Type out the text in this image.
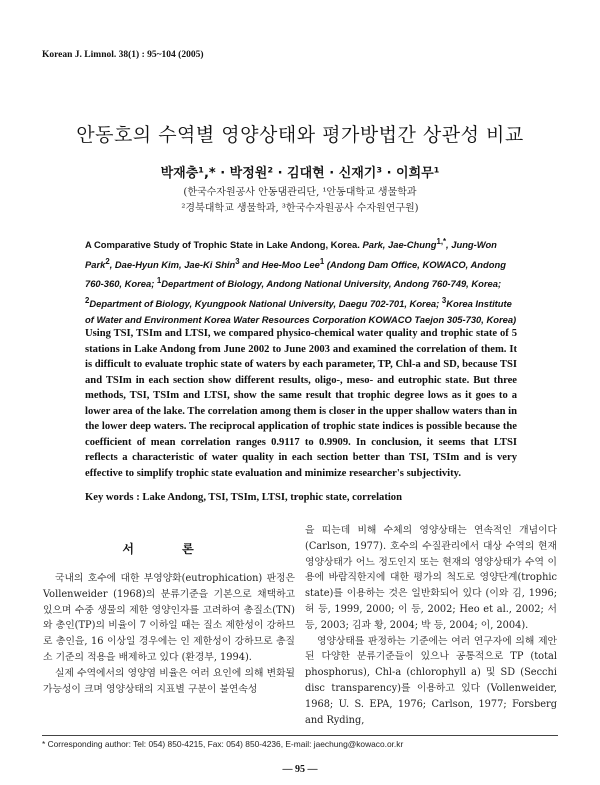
Korean J. Limnol. 38(1) : 95~104 (2005)
안동호의 수역별 영양상태와 평가방법간 상관성 비교
박재충¹,* · 박정원² · 김대현 · 신재기³ · 이희무¹
(한국수자원공사 안동댐관리단, ¹안동대학교 생물학과
²경북대학교 생물학과, ³한국수자원공사 수자원연구원)
A Comparative Study of Trophic State in Lake Andong, Korea. Park, Jae-Chung$^{1,*}$, Jung-Won Park$^2$, Dae-Hyun Kim, Jae-Ki Shin$^3$ and Hee-Moo Lee$^1$ (Andong Dam Office, KOWACO, Andong 760-360, Korea; $^1$Department of Biology, Andong National University, Andong 760-749, Korea; $^2$Department of Biology, Kyungpook National University, Daegu 702-701, Korea; $^3$Korea Institute of Water and Environment Korea Water Resources Corporation KOWACO Taejon 305-730, Korea)
Using TSI, TSIm and LTSI, we compared physico-chemical water quality and trophic state of 5 stations in Lake Andong from June 2002 to June 2003 and examined the correlation of them. It is difficult to evaluate trophic state of waters by each parameter, TP, Chl-a and SD, because TSI and TSIm in each section show different results, oligo-, meso- and eutrophic state. But three methods, TSI, TSIm and LTSI, show the same result that trophic degree lows as it goes to a lower area of the lake. The correlation among them is closer in the upper shallow waters than in the lower deep waters. The reciprocal application of trophic state indices is possible because the coefficient of mean correlation ranges 0.9117 to 0.9909. In conclusion, it seems that LTSI reflects a characteristic of water quality in each section better than TSI, TSIm and is very effective to simplify trophic state evaluation and minimize researcher's subjectivity.
Key words : Lake Andong, TSI, TSIm, LTSI, trophic state, correlation
서 론

국내의 호수에 대한 부영양화(eutrophication) 판정은 Vollenweider (1968)의 분류기준을 기본으로 채택하고 있으며 수중 생물의 제한 영양인자를 고려하여 총질소(TN)와 총인(TP)의 비율이 7 이하일 때는 질소 제한성이 강하므로 총인을, 16 이상일 경우에는 인 제한성이 강하므로 총질소 기준의 적용을 배제하고 있다 (환경부, 1994).

실제 수역에서의 영양염 비율은 여러 요인에 의해 변화될 가능성이 크며 영양상태의 지표별 구분이 불연속성

을 띠는데 비해 수체의 영양상태는 연속적인 개념이다 (Carlson, 1977). 호수의 수질관리에서 대상 수역의 현재 영양상태가 어느 정도인지 또는 현재의 영양상태가 수역 이용에 바람직한지에 대한 평가의 척도로 영양단계(trophic state)를 이용하는 것은 일반화되어 있다 (이와 김, 1996; 허 등, 1999, 2000; 이 등, 2002; Heo et al., 2002; 서 등, 2003; 김과 황, 2004; 박 등, 2004; 이, 2004).

영양상태를 판정하는 기준에는 여러 연구자에 의해 제안된 다양한 분류기준들이 있으나 공통적으로 TP (total phosphorus), Chl-a (chlorophyll a) 및 SD (Secchi disc transparency)를 이용하고 있다 (Vollenweider, 1968; U. S. EPA, 1976; Carlson, 1977; Forsberg and Ryding,

* Corresponding author: Tel: 054) 850-4215, Fax: 054) 850-4236, E-mail: jaechung@kowaco.or.kr
— 95 —
